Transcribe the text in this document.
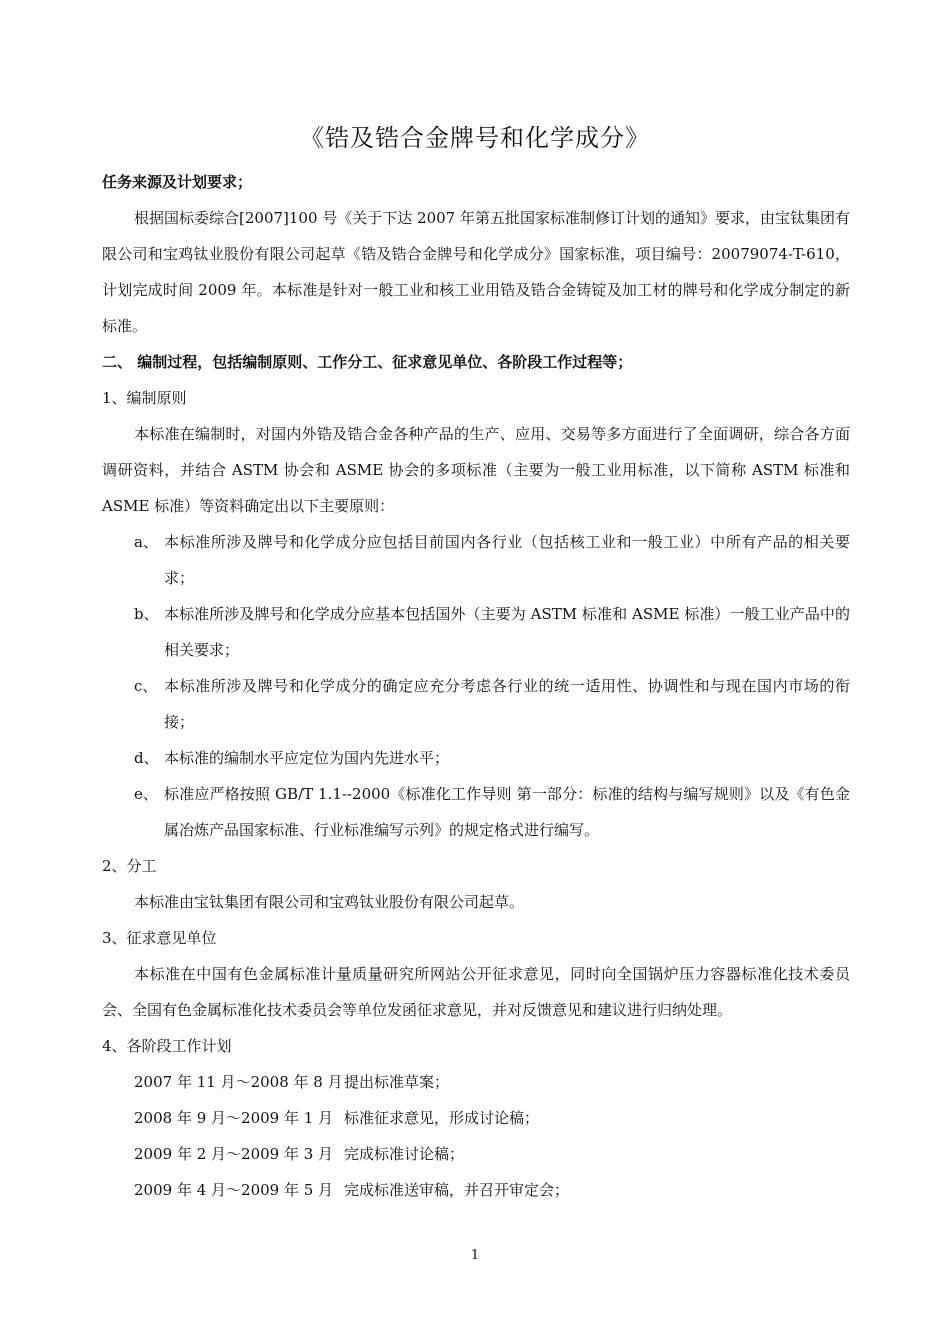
《锆及锆合金牌号和化学成分》
任务来源及计划要求；
根据国标委综合[2007]100 号《关于下达 2007 年第五批国家标准制修订计划的通知》要求，由宝钛集团有限公司和宝鸡钛业股份有限公司起草《锆及锆合金牌号和化学成分》国家标准，项目编号：20079074-T-610，计划完成时间 2009 年。本标准是针对一般工业和核工业用锆及锆合金铸锭及加工材的牌号和化学成分制定的新标准。
二、 编制过程，包括编制原则、工作分工、征求意见单位、各阶段工作过程等；
1、编制原则
本标准在编制时，对国内外锆及锆合金各种产品的生产、应用、交易等多方面进行了全面调研，综合各方面调研资料，并结合 ASTM 协会和 ASME 协会的多项标准（主要为一般工业用标准，以下简称 ASTM 标准和 ASME 标准）等资料确定出以下主要原则：
a、 本标准所涉及牌号和化学成分应包括目前国内各行业（包括核工业和一般工业）中所有产品的相关要求；
b、 本标准所涉及牌号和化学成分应基本包括国外（主要为 ASTM 标准和 ASME 标准）一般工业产品中的相关要求；
c、 本标准所涉及牌号和化学成分的确定应充分考虑各行业的统一适用性、协调性和与现在国内市场的衔接；
d、 本标准的编制水平应定位为国内先进水平；
e、 标准应严格按照 GB/T 1.1--2000《标准化工作导则 第一部分：标准的结构与编写规则》以及《有色金属冶炼产品国家标准、行业标准编写示列》的规定格式进行编写。
2、分工
本标准由宝钛集团有限公司和宝鸡钛业股份有限公司起草。
3、征求意见单位
本标准在中国有色金属标准计量质量研究所网站公开征求意见，同时向全国锅炉压力容器标准化技术委员会、全国有色金属标准化技术委员会等单位发函征求意见，并对反馈意见和建议进行归纳处理。
4、各阶段工作计划
2007 年 11 月～2008 年 8 月提出标准草案；
2008 年 9 月～2009 年 1 月 标准征求意见，形成讨论稿；
2009 年 2 月～2009 年 3 月 完成标准讨论稿；
2009 年 4 月～2009 年 5 月 完成标准送审稿，并召开审定会；
1
